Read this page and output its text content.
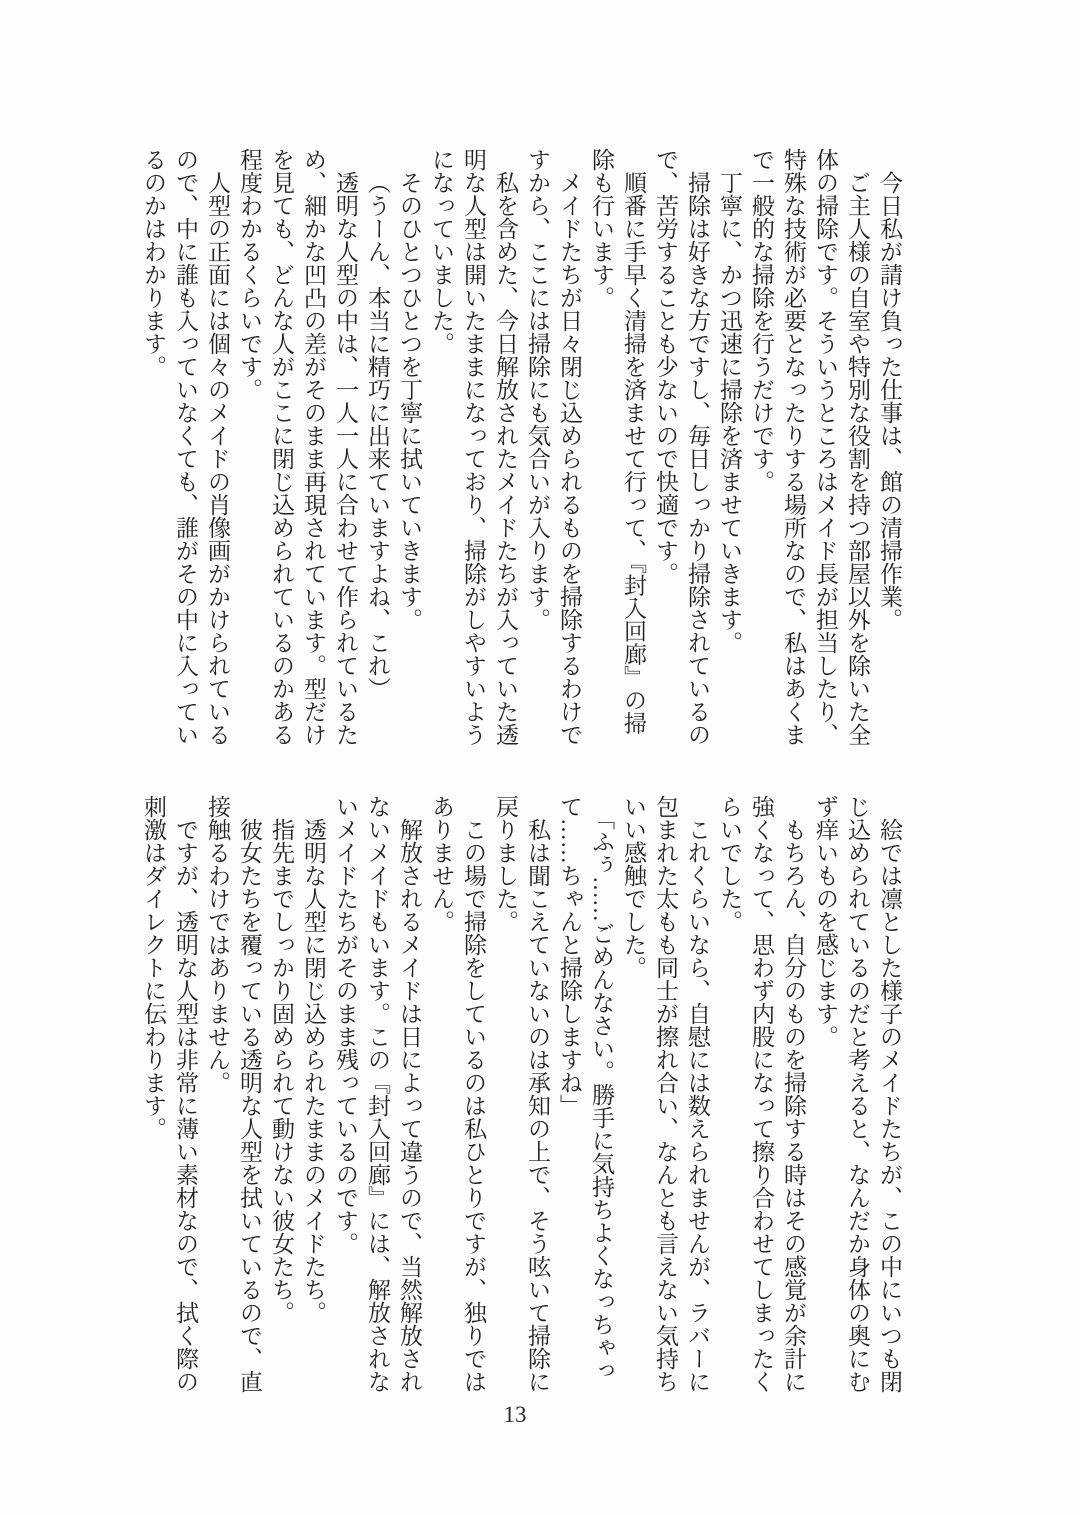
今日私が請け負った仕事は、館の清掃作業。

ご主人様の自室や特別な役割を持つ部屋以外を除いた全体の掃除です。そういうところはメイド長が担当したり、特殊な技術が必要となったりする場所なので、私はあくまで一般的な掃除を行うだけです。

丁寧に、かつ迅速に掃除を済ませていきます。

掃除は好きな方ですし、毎日しっかり掃除されているので、苦労することも少ないので快適です。

順番に手早く清掃を済ませて行って、『封入回廊』の掃除も行います。

メイドたちが日々閉じ込められるものを掃除するわけですから、ここには掃除にも気合いが入ります。

私を含めた、今日解放されたメイドたちが入っていた透明な人型は開いたままになっており、掃除がしやすいようになっていました。

そのひとつひとつを丁寧に拭いていきます。

（うーん、本当に精巧に出来ていますよね、これ）

透明な人型の中は、一人一人に合わせて作られているため、細かな凹凸の差がそのまま再現されています。型だけを見ても、どんな人がここに閉じ込められているのかある程度わかるくらいです。

人型の正面には個々のメイドの肖像画がかけられているので、中に誰も入っていなくても、誰がその中に入っているのかはわかります。

絵では凛とした様子のメイドたちが、この中にいつも閉じ込められているのだと考えると、なんだか身体の奥にむず痒いものを感じます。

もちろん、自分のものを掃除する時はその感覚が余計に強くなって、思わず内股になって擦り合わせてしまったくらいでした。

これくらいなら、自慰には数えられませんが、ラバーに包まれた太もも同士が擦れ合い、なんとも言えない気持ちいい感触でした。

「ふぅ……ごめんなさい。勝手に気持ちよくなっちゃって……ちゃんと掃除しますね」

私は聞こえていないのは承知の上で、そう呟いて掃除に戻りました。

この場で掃除をしているのは私ひとりですが、独りではありません。

解放されるメイドは日によって違うので、当然解放されないメイドもいます。この『封入回廊』には、解放されないメイドたちがそのまま残っているのです。

透明な人型に閉じ込められたままのメイドたち。

指先までしっかり固められて動けない彼女たち。

彼女たちを覆っている透明な人型を拭いているので、直接触るわけではありません。

ですが、透明な人型は非常に薄い素材なので、拭く際の刺激はダイレクトに伝わります。

13
